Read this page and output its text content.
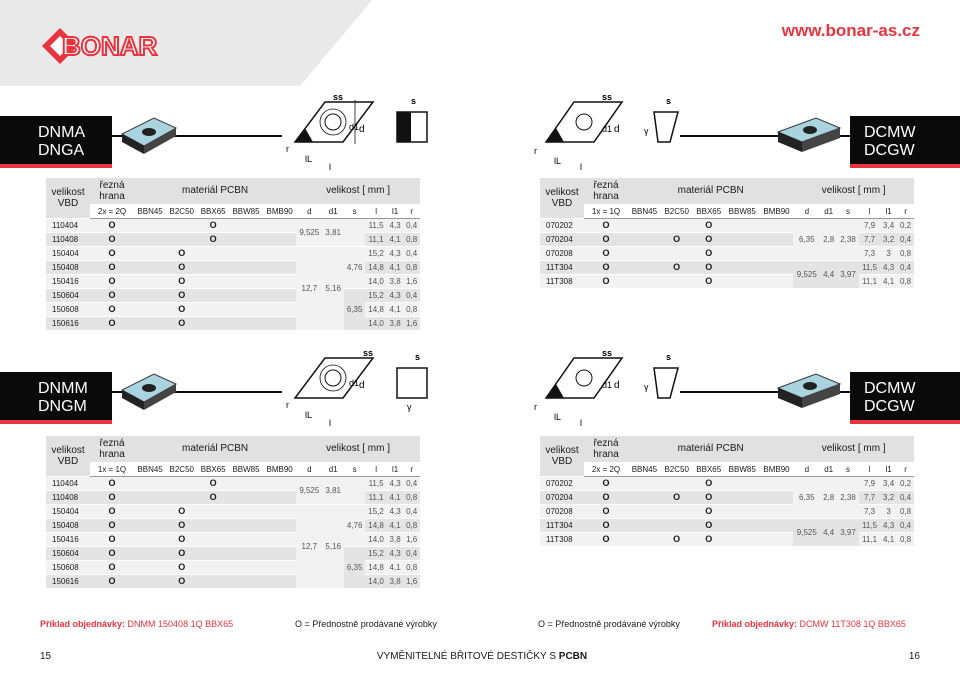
BONAR
www.bonar-as.cz
DNMA
DNGA
d1 d
r
lL
l
ss	s
DCMW
DCGW
d1 d
r
lL
l
ss
γ
s
velikost VBD	řezná hrana	materiál PCBN					velikost [ mm ]					
	2x = 2Q	BBN45	B2C50	BBX65	BBW85	BMB90	d	d1	s	l	l1	r
110404	O			O			9,525	3,81		11,5	4,3	0,4
110408	O			O						11,1	4,1	0,8
150404	O		O				12,7	5,16	4,76	15,2	4,3	0,4
150408	O		O							14,8	4,1	0,8
150416	O		O							14,0	3,8	1,6
150604	O		O						6,35	15,2	4,3	0,4
150608	O		O							14,8	4,1	0,8
150616	O		O							14,0	3,8	1,6
velikost VBD	řezná hrana	materiál PCBN					velikost [ mm ]					
	1x = 1Q	BBN45	B2C50	BBX65	BBW85	BMB90	d	d1	s	l	l1	r
070202	O			O			6,35	2,8	2,38	7,9	3,4	0,2
070204	O		O	O						7,7	3,2	0,4
070208	O			O						7,3	3	0,8
11T304	O		O	O			9,525	4,4	3,97	11,5	4,3	0,4
11T308	O			O						11,1	4,1	0,8
DNMM
DNGM
d1 d
r
lL
l
ss	s
γ
DCMW
DCGW
d1 d
r
lL
l
ss
γ
s
velikost VBD	řezná hrana	materiál PCBN					velikost [ mm ]					
	1x = 1Q	BBN45	B2C50	BBX65	BBW85	BMB90	d	d1	s	l	l1	r
110404	O			O			9,525	3,81		11,5	4,3	0,4
110408	O			O						11,1	4,1	0,8
150404	O		O				12,7	5,16	4,76	15,2	4,3	0,4
150408	O		O							14,8	4,1	0,8
150416	O		O							14,0	3,8	1,6
150604	O		O						6,35	15,2	4,3	0,4
150608	O		O							14,8	4,1	0,8
150616	O		O							14,0	3,8	1,6
velikost VBD	řezná hrana	materiál PCBN					velikost [ mm ]					
	2x = 2Q	BBN45	B2C50	BBX65	BBW85	BMB90	d	d1	s	l	l1	r
070202	O			O			6,35	2,8	2,38	7,9	3,4	0,2
070204	O		O	O						7,7	3,2	0,4
070208	O			O						7,3	3	0,8
11T304	O			O			9,525	4,4	3,97	11,5	4,3	0,4
11T308	O		O	O						11,1	4,1	0,8
Příklad objednávky: DNMM 150408 1Q BBX65	O = Přednostně prodávané výrobky	O = Přednostně prodávané výrobky	Příklad objednávky: DCMW 11T308 1Q BBX65
15	VYMĚNITELNÉ BŘITOVÉ DESTIČKY S PCBN	16
